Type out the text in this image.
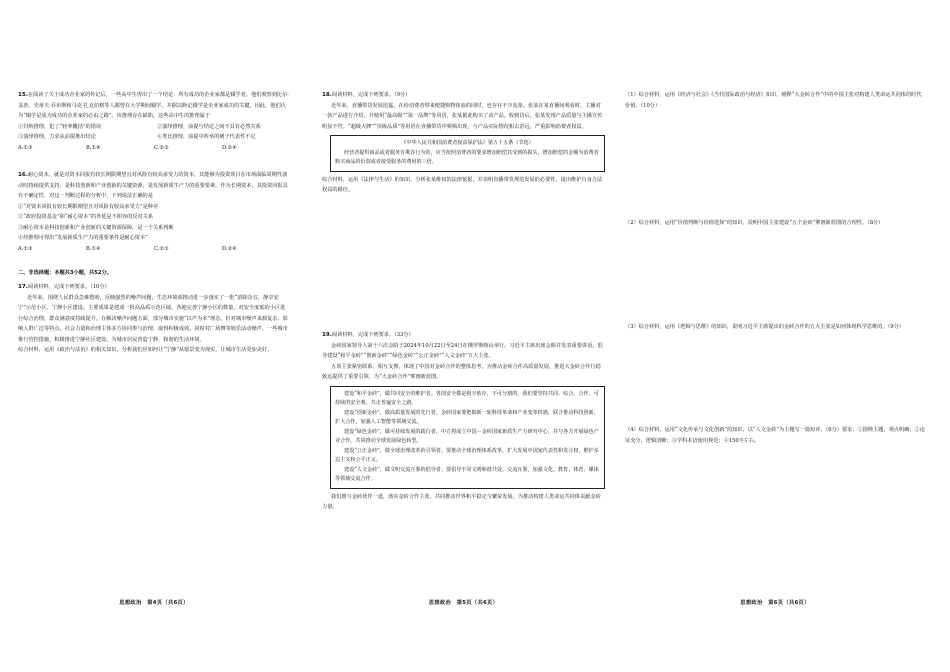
15.在阅读了关于成功企业家的传记后，一些高中生得出了一个结论：所有成功的企业家都是辍学者。他们观察到比尔·盖茨、史蒂夫·乔布斯和马克·扎克伯格等人都曾在大学期间辍学，并据以断定辍学是企业家成功的关键。因此，他们认为“辍学是成为成功的企业家的必由之路”。该推理存在缺陷，这些高中生的推理属于

①归纳推理，犯了“轻率概括”的错误	②演绎推理，前提与结论之间不具有必然关系
③演绎推理，力求从前提推出结论	④类比推理，前提中所举的例子代表性不足
A.①③	B.①④	C.②③	D.②④

16.耐心资本，就是对资本回报有较长期限期望且对风险有较高承受力的资本。其能够为投资项目在市场面临周期性波动时持续提供支持，是科技创新和产业创新的关键资源，是发展新质生产力的重要要素。作为长期资本，其投资回报具有不确定性，对这一判断过程的分析中，下列说法正确的是

①“对资本回报有较长期限期望且对风险有较高承受力”是种差
②“政府投资基金”和“耐心资本”的外延是不相容的反对关系
③耐心资本是科技创新和产业创新的关键资源保障，是一个关系判断
④经推理可得出“发展新质生产力的重要条件是耐心资本”
A.①③	B.①④	C.②③	D.②④

二、非选择题：本题共3小题，共52分。

17.阅读材料，完成下列要求。（10分）

近年来，围绕人民群众急难愁盼，反映强烈的噪声问题，生态环境部推动进一步落实了一批“消除杂音，静享安宁”示范小区、宁静小区建设。主要成果是建成一批高品质示范区域，各地完善宁静小区的数量，对安全度低的小区进行综合治理，群众满意度持续提升。在解决噪声问题方面，部分城市实施“以声为本”理念，针对城市噪声来源复杂、影响人群广泛等特点，社会力量和治理主体多方协同参与治理，取得积极成效。同时对广场舞等娱乐活动噪声，一些城市推行管控措施，积极推进宁静社区建设，为城市居民营造宁静、和谐的生活环境。

综合材料，运用《政治与法治》的相关知识，分析我们应如何让“宁静”从愿景变为现实，让城市生活更加美好。

思想政治　第4页（共6页）

18.阅读材料，完成下列要求。（9分）

近年来，直播带货发展迅猛，在给消费者带来便捷购物体验的同时，也存在不少乱象。张某在某直播间观看时，主播对一款产品进行介绍，并使用“最高级”“第一品牌”等用语，张某据此购买了该产品。收到货后，张某发现产品质量与主播宣传明显不符。“超级大牌”“顶级品质”等用语在直播带货中频频出现，与产品实际情况相去甚远，严重影响消费者权益。

《中华人民共和国消费者权益保护法》第五十五条（节选）

经营者提供商品或者服务有欺诈行为的，应当按照消费者的要求增加赔偿其受到的损失，增加赔偿的金额为消费者购买商品的价款或者接受服务的费用的三倍。

综合材料，运用《法律与生活》的知识，分析张某维权的法律依据，并说明直播带货规范发展的必要性，提出维护自身合法权益的路径。

19.阅读材料，完成下列要求。（33分）

金砖国家领导人第十六次会晤于2024年10月22日至24日在俄罗斯喀山举行。习近平主席出席会晤并发表重要讲话，倡导建设“和平金砖”“创新金砖”“绿色金砖”“公正金砖”“人文金砖”五大主张。

五项主张紧密联系、相互支撑，体现了中国对金砖合作的整体思考，为推动金砖合作高质量发展、推进大金砖合作行稳致远提供了重要引领，为“大金砖合作”擘画新蓝图。

建设“和平金砖”，做共同安全的维护者。各国安全都是相互依存，不可分割的，我们要坚持共同、综合、合作、可持续的安全观，共走普遍安全之路。

建设“创新金砖”，做高质量发展的先行者。金砖国家要把握新一轮科技革命和产业变革机遇，联合推动科技创新，扩大合作，加强人工智能等领域交流。

建设“绿色金砖”，做可持续发展的践行者。中方将成立中国－金砖国家新质生产力研究中心，并与各方开展绿色产业合作，共同推动全球发展绿色转型。

建设“公正金砖”，做全球治理改革的引领者。要推动全球治理体系改革，扩大发展中国家代表性和发言权，维护多边主义和公平正义。

建设“人文金砖”，做文明交流互鉴的倡导者。要倡导不同文明和谐共处、交流互鉴，加强文化、教育、体育、媒体等领域交流合作。

我们愿与金砖伙伴一道，落实金砖合作主张，共同推动世界和平稳定与繁荣发展，为推动构建人类命运共同体贡献金砖力量。

思想政治　第5页（共6页）

（1）综合材料，运用《经济与社会》《当代国际政治与经济》知识，阐释“大金砖合作”中的中国主张对构建人类命运共同体的时代价值。（10分）

（2）综合材料，运用“价值判断与价值选择”的知识，说明中国主张建设“五个金砖”擘画新蓝图的合理性。（8分）

（3）综合材料，运用《逻辑与思维》的知识，说明习近平主席提出的金砖合作的五大主张是如何体现科学思维的。（9分）

（4）综合材料，运用“文化传承与文化创新”的知识，以“人文金砖”为主题写一篇短评。（6分）要求：①围绕主题，观点明确；②论证充分，逻辑清晰；③学科术语使用规范；④150字左右。

思想政治　第6页（共6页）
